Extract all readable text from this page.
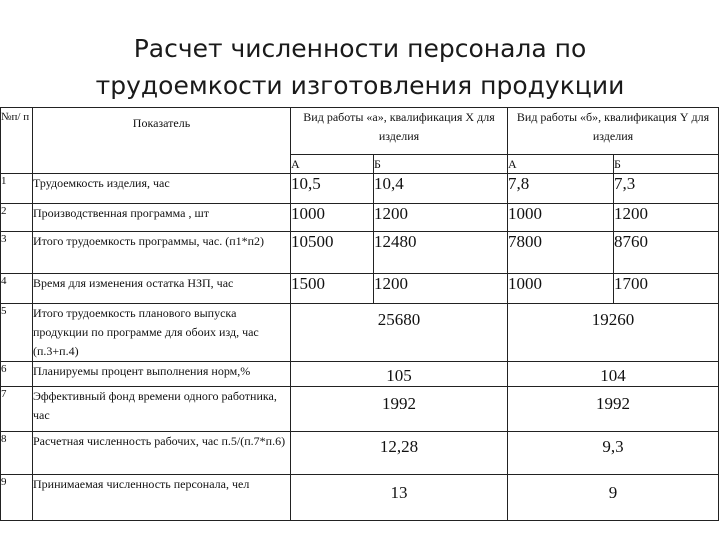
Расчет численности персонала по
трудоемкости изготовления продукции
№п/ п	Показатель	Вид работы «а», квалификация Х для изделия		Вид работы «б», квалификация Ү для изделия	
		А	Б	А	Б
1	Трудоемкость изделия, час	10,5	10,4	7,8	7,3
2	Производственная программа , шт	1000	1200	1000	1200
3	Итого трудоемкость программы, час. (п1*п2)	10500	12480	7800	8760
4	Время для изменения остатка НЗП, час	1500	1200	1000	1700
5	Итого трудоемкость планового выпуска продукции по программе для обоих изд, час (п.3+п.4)	25680		19260	
6	Планируемы процент выполнения норм,%	105		104	
7	Эффективный фонд времени одного работника, час	1992		1992	
8	Расчетная численность рабочих, час п.5/(п.7*п.6)	12,28		9,3	
9	Принимаемая численность персонала, чел	13		9	
